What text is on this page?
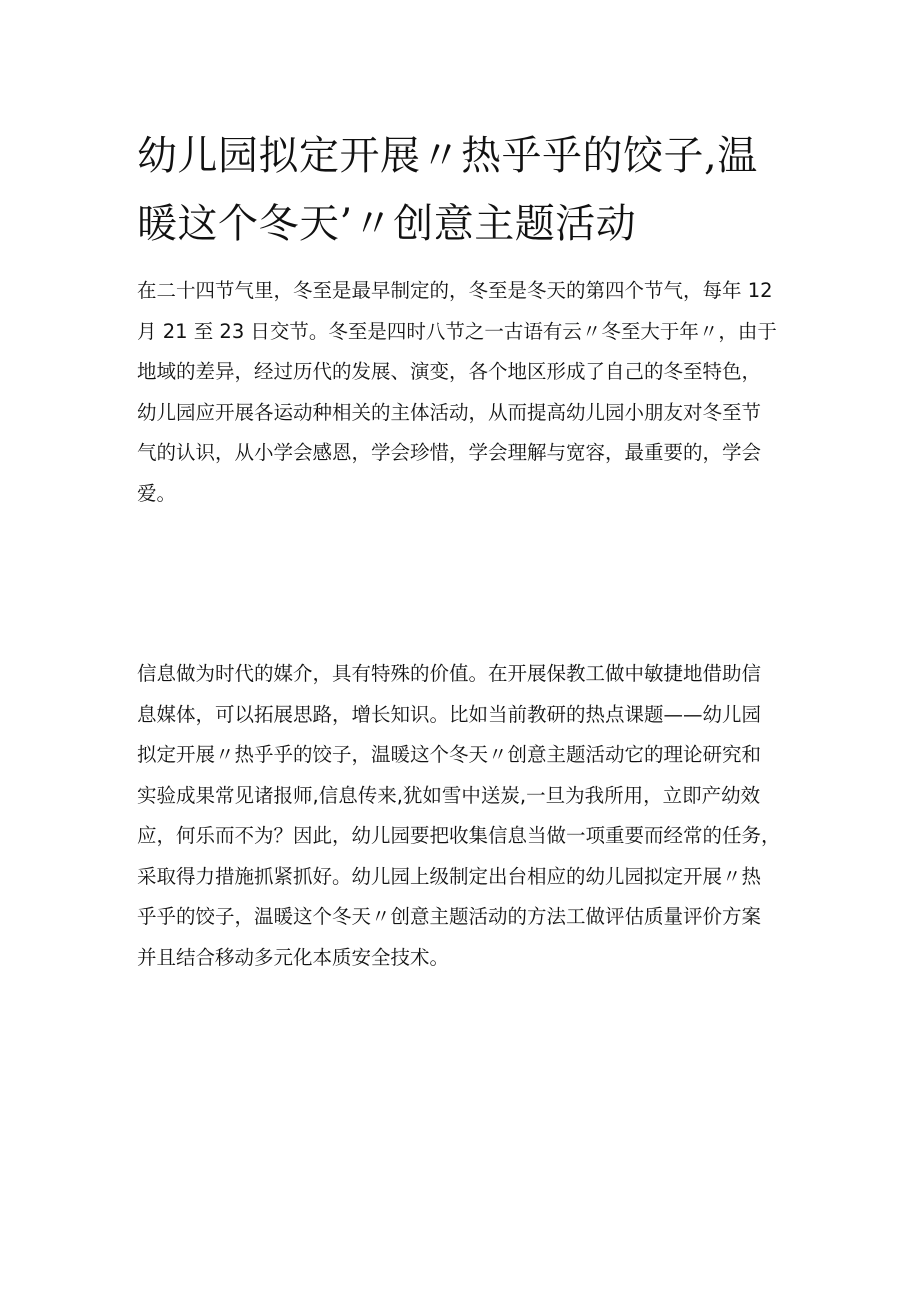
幼儿园拟定开展〃热乎乎的饺子,温
暖这个冬天’〃创意主题活动
在二十四节气里，冬至是最早制定的，冬至是冬天的第四个节气，每年 12
月 21 至 23 日交节。冬至是四时八节之一古语有云〃冬至大于年〃，由于
地域的差异，经过历代的发展、演变，各个地区形成了自己的冬至特色，
幼儿园应开展各运动种相关的主体活动，从而提高幼儿园小朋友对冬至节
气的认识，从小学会感恩，学会珍惜，学会理解与宽容，最重要的，学会
爱。
信息做为时代的媒介，具有特殊的价值。在开展保教工做中敏捷地借助信
息媒体，可以拓展思路，增长知识。比如当前教研的热点课题——幼儿园
拟定开展〃热乎乎的饺子，温暖这个冬天〃创意主题活动它的理论研究和
实验成果常见诸报师,信息传来,犹如雪中送炭,一旦为我所用，立即产幼效
应，何乐而不为？因此，幼儿园要把收集信息当做一项重要而经常的任务，
采取得力措施抓紧抓好。幼儿园上级制定出台相应的幼儿园拟定开展〃热
乎乎的饺子，温暖这个冬天〃创意主题活动的方法工做评估质量评价方案
并且结合移动多元化本质安全技术。
